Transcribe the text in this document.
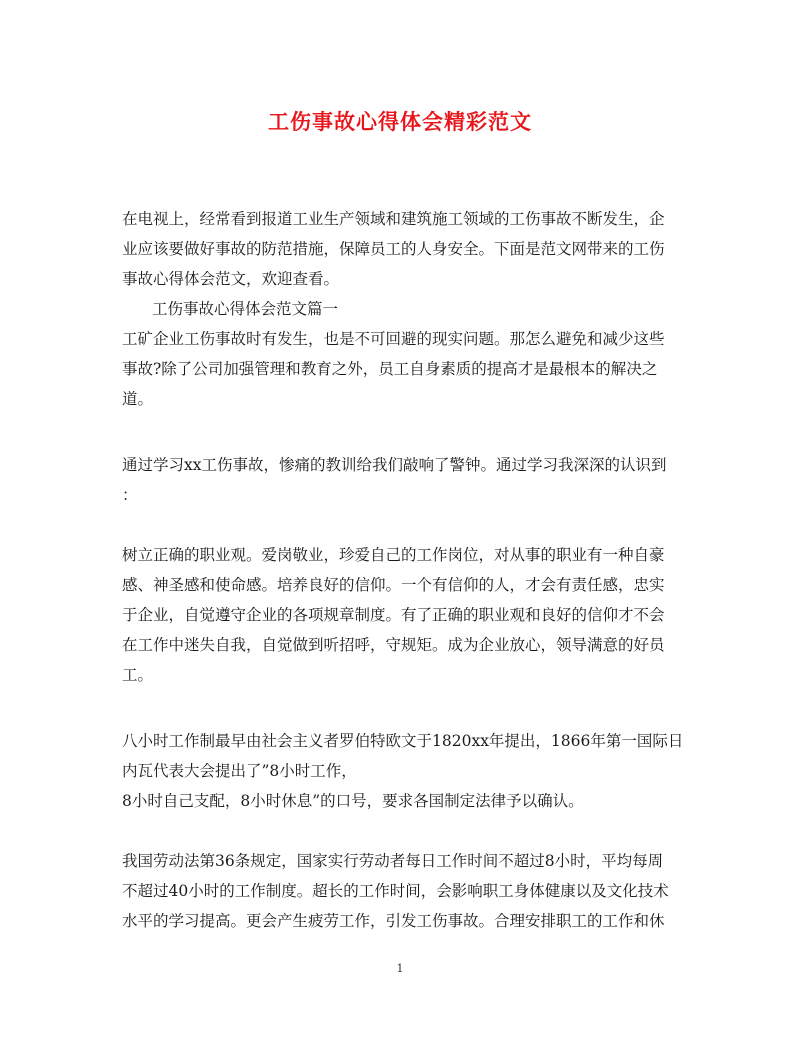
工伤事故心得体会精彩范文
在电视上，经常看到报道工业生产领域和建筑施工领域的工伤事故不断发生，企
业应该要做好事故的防范措施，保障员工的人身安全。下面是范文网带来的工伤
事故心得体会范文，欢迎查看。
工伤事故心得体会范文篇一
工矿企业工伤事故时有发生，也是不可回避的现实问题。那怎么避免和减少这些
事故?除了公司加强管理和教育之外，员工自身素质的提高才是最根本的解决之
道。
通过学习xx工伤事故，惨痛的教训给我们敲响了警钟。通过学习我深深的认识到
：
树立正确的职业观。爱岗敬业，珍爱自己的工作岗位，对从事的职业有一种自豪
感、神圣感和使命感。培养良好的信仰。一个有信仰的人，才会有责任感，忠实
于企业，自觉遵守企业的各项规章制度。有了正确的职业观和良好的信仰才不会
在工作中迷失自我，自觉做到听招呼，守规矩。成为企业放心，领导满意的好员
工。
八小时工作制最早由社会主义者罗伯特欧文于1820xx年提出，1866年第一国际日
内瓦代表大会提出了”8小时工作，
8小时自己支配，8小时休息”的口号，要求各国制定法律予以确认。
我国劳动法第36条规定，国家实行劳动者每日工作时间不超过8小时，平均每周
不超过40小时的工作制度。超长的工作时间，会影响职工身体健康以及文化技术
水平的学习提高。更会产生疲劳工作，引发工伤事故。合理安排职工的工作和休
1
